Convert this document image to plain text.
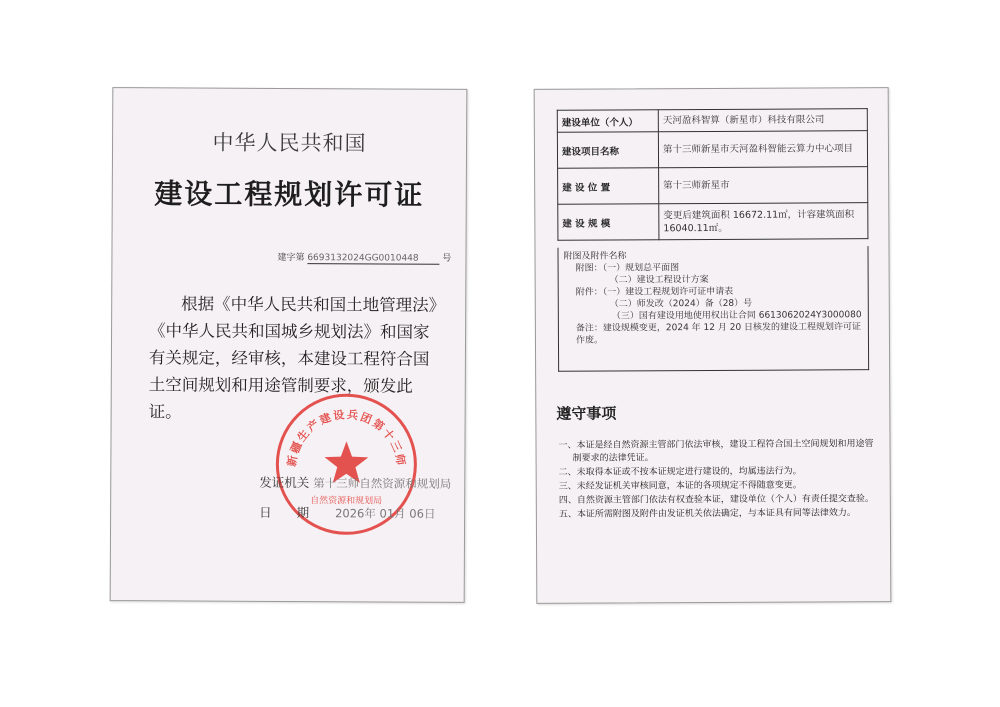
中华人民共和国
建设工程规划许可证
建字第 6693132024GG0010448	号
根据《中华人民共和国土地管理法》《中华人民共和国城乡规划法》和国家有关规定，经审核，本建设工程符合国土空间规划和用途管制要求，颁发此证。
新疆生产建设兵团第十三师
自然资源和规划局
发证机关 第十三师自然资源和规划局
日　　期 2026年 01月 06日
建设单位（个人）	天河盈科智算（新星市）科技有限公司
建设项目名称	第十三师新星市天河盈科智能云算力中心项目
建 设 位 置	第十三师新星市
建 设 规 模	变更后建筑面积 16672.11㎡，计容建筑面积 16040.11㎡。
附图及附件名称
附图：（一）规划总平面图
（二）建设工程设计方案
附件：（一）建设工程规划许可证申请表
（二）师发改（2024）备（28）号
（三）国有建设用地使用权出让合同 6613062024Y3000080
备注：建设规模变更，2024 年 12 月 20 日核发的建设工程规划许可证作废。
遵守事项
一、本证是经自然资源主管部门依法审核，建设工程符合国土空间规划和用途管制要求的法律凭证。
二、未取得本证或不按本证规定进行建设的，均属违法行为。
三、未经发证机关审核同意，本证的各项规定不得随意变更。
四、自然资源主管部门依法有权查验本证，建设单位（个人）有责任提交查验。
五、本证所需附图及附件由发证机关依法确定，与本证具有同等法律效力。
